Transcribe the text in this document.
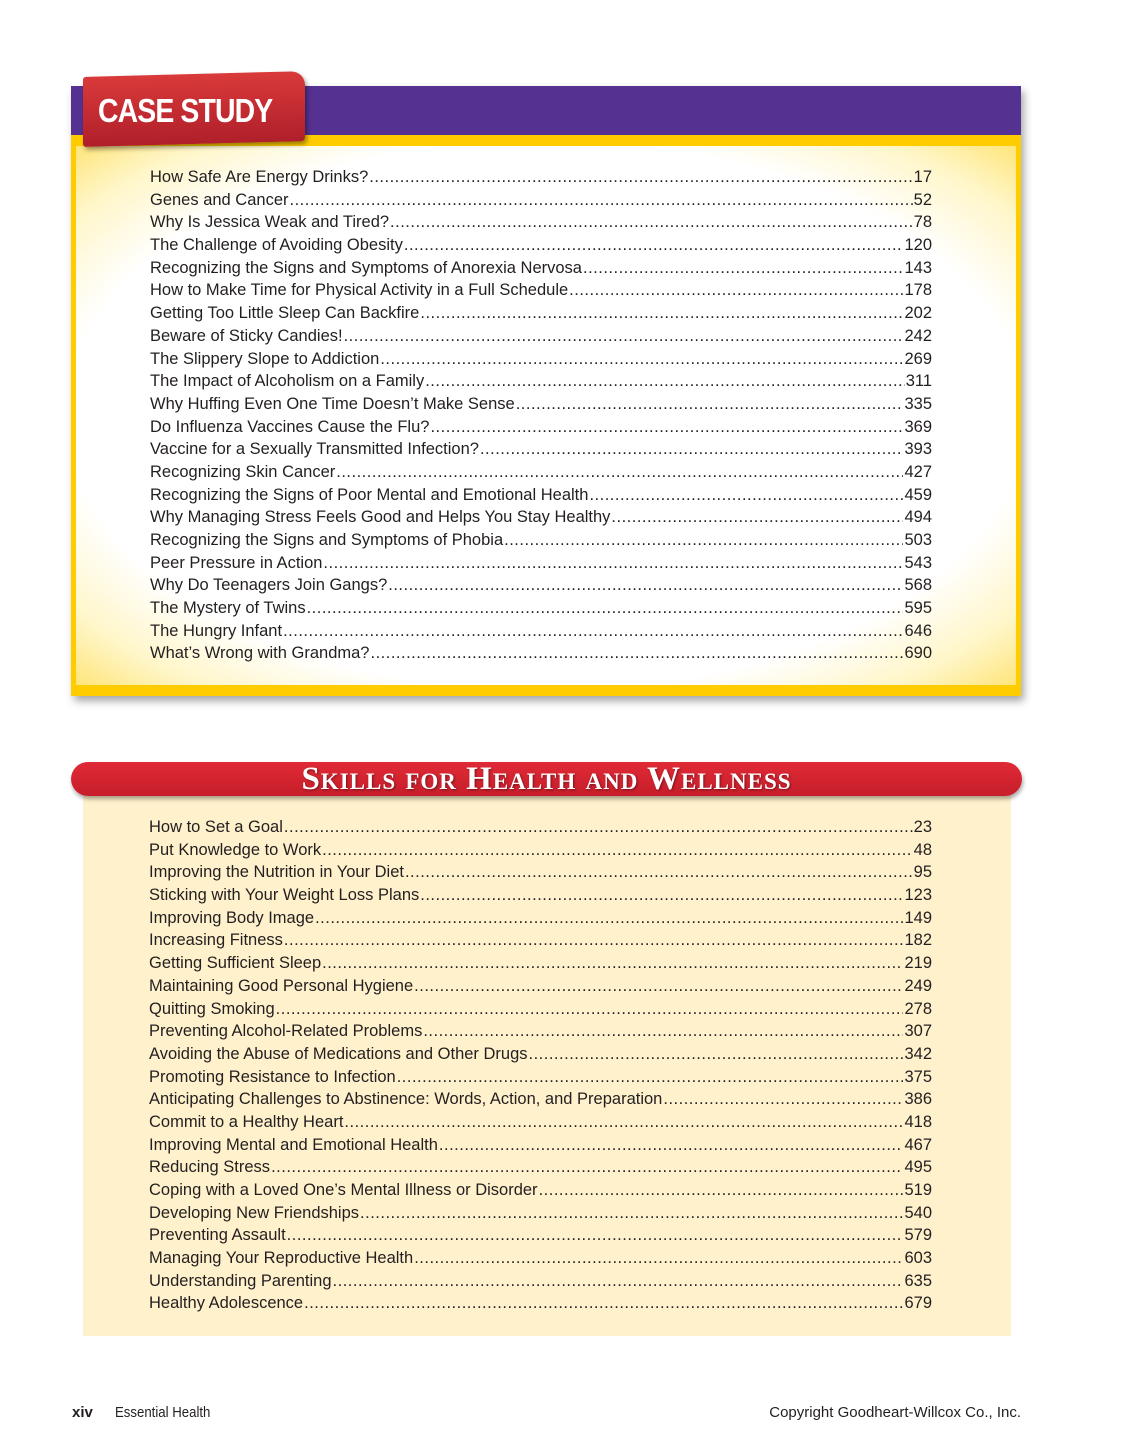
CASE STUDY
How Safe Are Energy Drinks? .....	17
Genes and Cancer .....	52
Why Is Jessica Weak and Tired? .....	78
The Challenge of Avoiding Obesity .....	120
Recognizing the Signs and Symptoms of Anorexia Nervosa .....	143
How to Make Time for Physical Activity in a Full Schedule .....	178
Getting Too Little Sleep Can Backfire .....	202
Beware of Sticky Candies! .....	242
The Slippery Slope to Addiction .....	269
The Impact of Alcoholism on a Family .....	311
Why Huffing Even One Time Doesn’t Make Sense .....	335
Do Influenza Vaccines Cause the Flu? .....	369
Vaccine for a Sexually Transmitted Infection? .....	393
Recognizing Skin Cancer .....	427
Recognizing the Signs of Poor Mental and Emotional Health .....	459
Why Managing Stress Feels Good and Helps You Stay Healthy .....	494
Recognizing the Signs and Symptoms of Phobia .....	503
Peer Pressure in Action .....	543
Why Do Teenagers Join Gangs? .....	568
The Mystery of Twins .....	595
The Hungry Infant .....	646
What’s Wrong with Grandma? .....	690
Skills for Health and Wellness
How to Set a Goal .....	23
Put Knowledge to Work .....	48
Improving the Nutrition in Your Diet .....	95
Sticking with Your Weight Loss Plans .....	123
Improving Body Image .....	149
Increasing Fitness .....	182
Getting Sufficient Sleep .....	219
Maintaining Good Personal Hygiene .....	249
Quitting Smoking .....	278
Preventing Alcohol-Related Problems .....	307
Avoiding the Abuse of Medications and Other Drugs .....	342
Promoting Resistance to Infection .....	375
Anticipating Challenges to Abstinence: Words, Action, and Preparation .....	386
Commit to a Healthy Heart .....	418
Improving Mental and Emotional Health .....	467
Reducing Stress .....	495
Coping with a Loved One’s Mental Illness or Disorder .....	519
Developing New Friendships .....	540
Preventing Assault .....	579
Managing Your Reproductive Health .....	603
Understanding Parenting .....	635
Healthy Adolescence .....	679
xiv Essential Health	Copyright Goodheart-Willcox Co., Inc.
